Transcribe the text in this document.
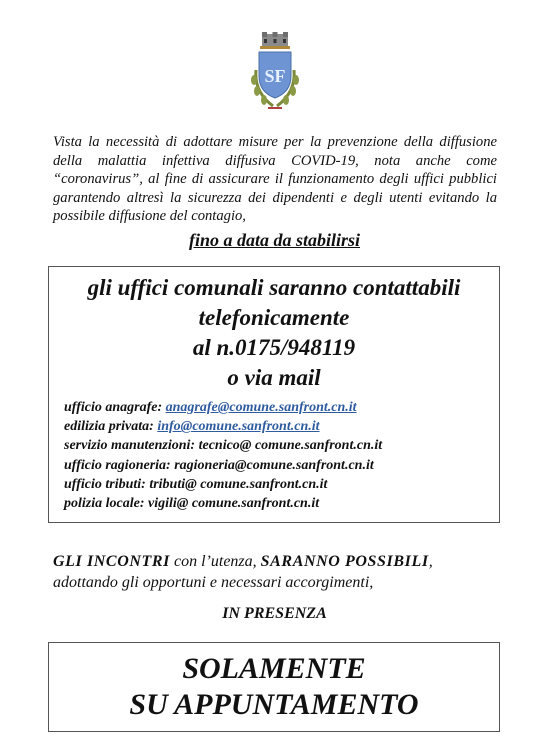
SF

Vista la necessità di adottare misure per la prevenzione della diffusione della malattia infettiva diffusiva COVID-19, nota anche come “coronavirus”, al fine di assicurare il funzionamento degli uffici pubblici garantendo altresì la sicurezza dei dipendenti e degli utenti evitando la possibile diffusione del contagio,

fino a data da stabilirsi

gli uffici comunali saranno contattabili
telefonicamente
al n.0175/948119
o via mail
ufficio anagrafe: anagrafe@comune.sanfront.cn.it
edilizia privata: info@comune.sanfront.cn.it
servizio manutenzioni: tecnico@ comune.sanfront.cn.it
ufficio ragioneria: ragioneria@comune.sanfront.cn.it
ufficio tributi: tributi@ comune.sanfront.cn.it
polizia locale: vigili@ comune.sanfront.cn.it

GLI INCONTRI con l’utenza, SARANNO POSSIBILI,
adottando gli opportuni e necessari accorgimenti,

IN PRESENZA

SOLAMENTE
SU APPUNTAMENTO
